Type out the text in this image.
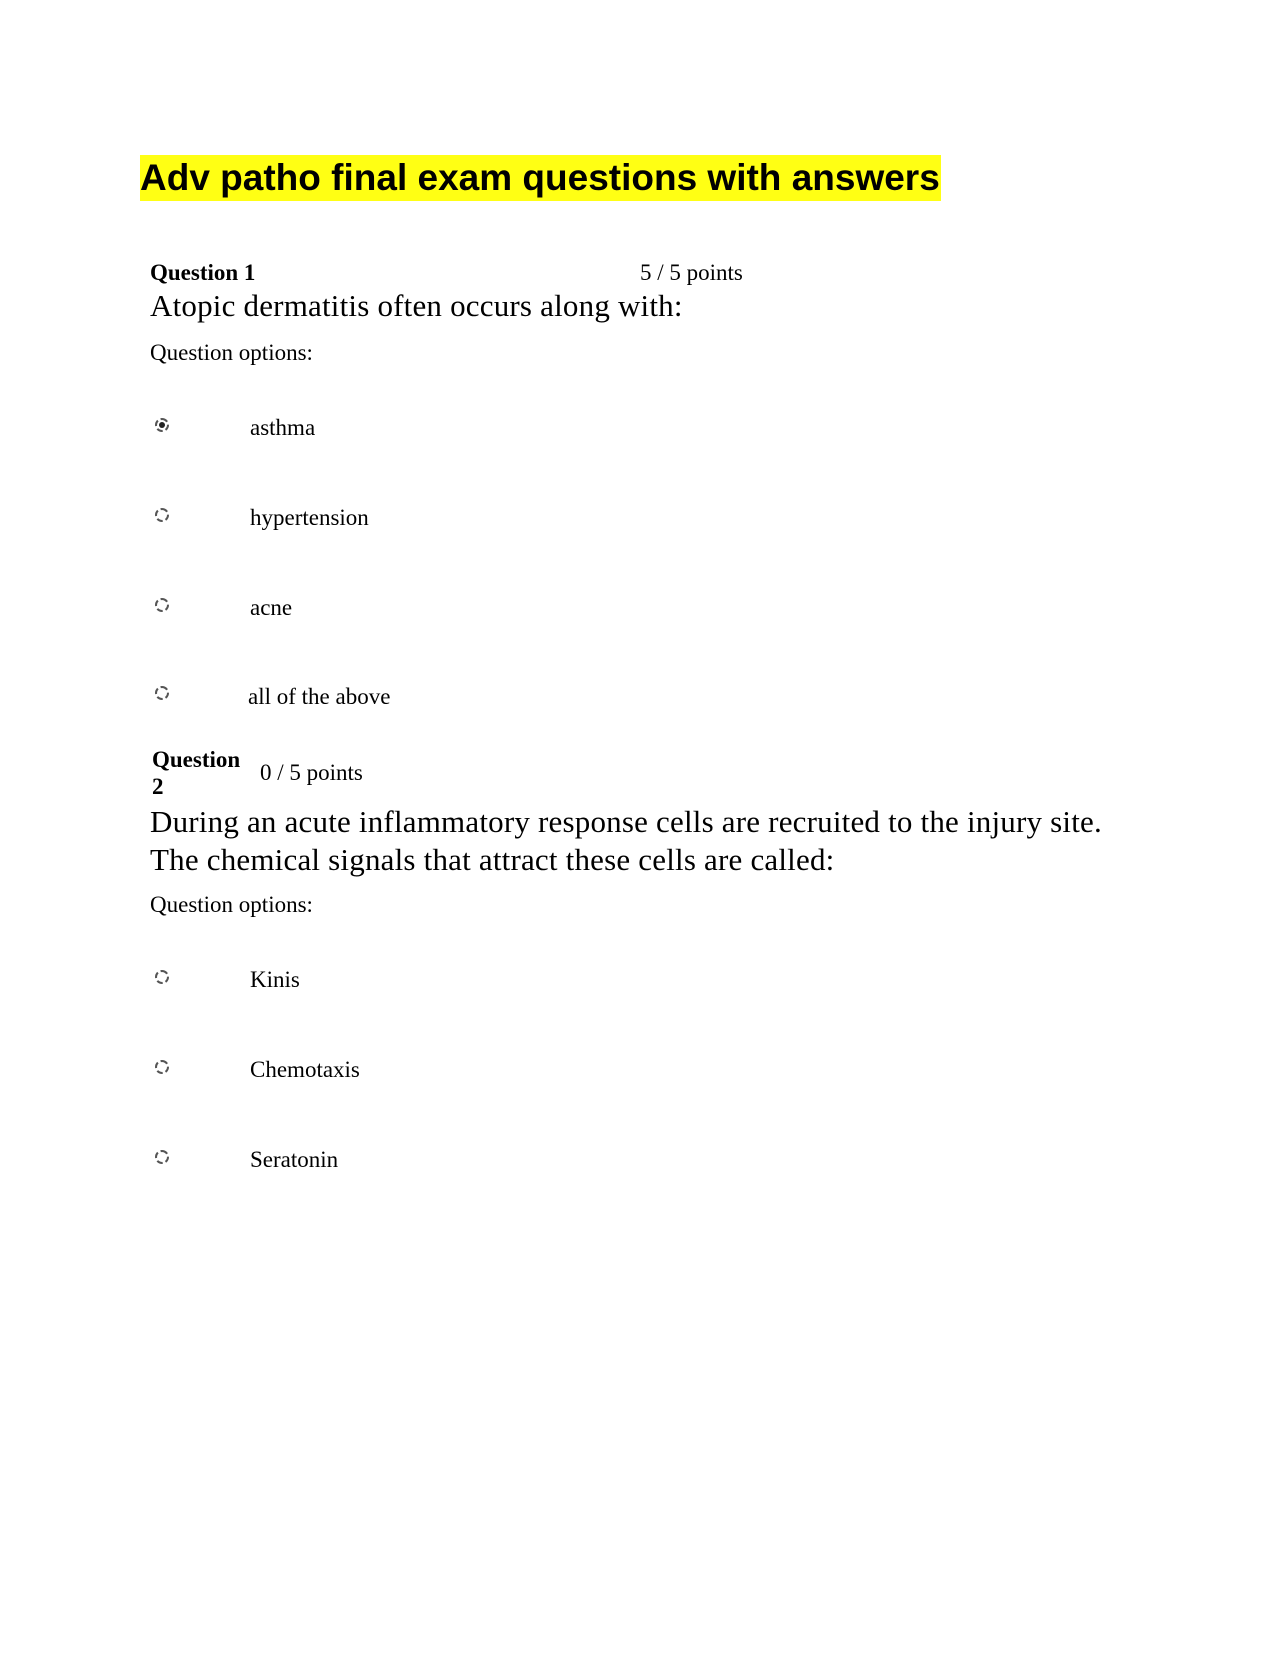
Adv patho final exam questions with answers
Question 1	5 / 5 points
Atopic dermatitis often occurs along with:
Question options:
asthma
hypertension
acne
all of the above
Question
2
0 / 5 points
During an acute inflammatory response cells are recruited to the injury site. The chemical signals that attract these cells are called:
Question options:
Kinis
Chemotaxis
Seratonin
